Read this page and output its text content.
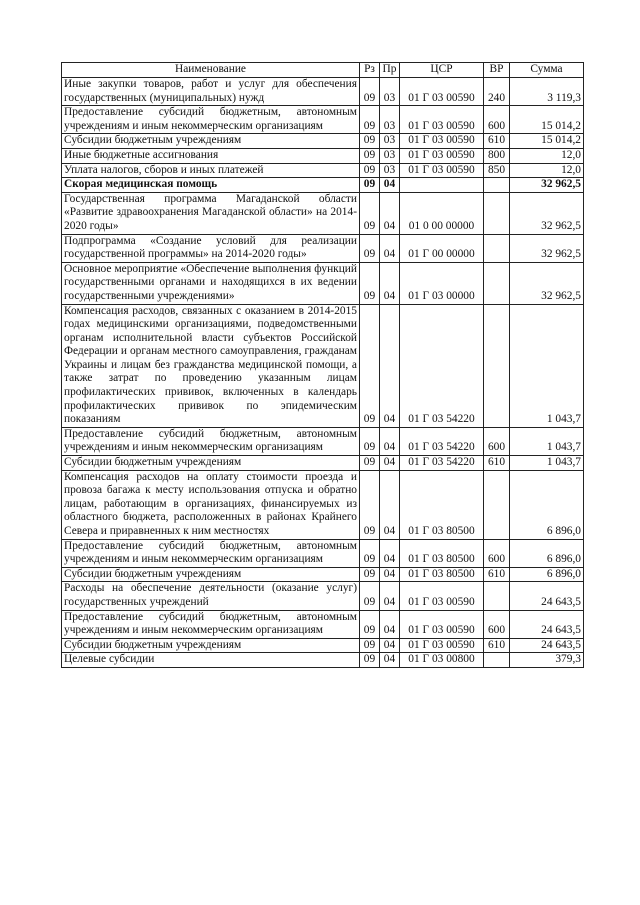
Наименование	Рз	Пр	ЦСР	ВР	Сумма
Иные закупки товаров, работ и услуг для обеспечения государственных (муниципальных) нужд	09	03	01 Г 03 00590	240	3 119,3
Предоставление субсидий бюджетным, автономным учреждениям и иным некоммерческим организациям	09	03	01 Г 03 00590	600	15 014,2
Субсидии бюджетным учреждениям	09	03	01 Г 03 00590	610	15 014,2
Иные бюджетные ассигнования	09	03	01 Г 03 00590	800	12,0
Уплата налогов, сборов и иных платежей	09	03	01 Г 03 00590	850	12,0
Скорая медицинская помощь	09	04			32 962,5
Государственная программа Магаданской области «Развитие здравоохранения Магаданской области» на 2014-2020 годы»	09	04	01 0 00 00000		32 962,5
Подпрограмма «Создание условий для реализации государственной программы» на 2014-2020 годы»	09	04	01 Г 00 00000		32 962,5
Основное мероприятие «Обеспечение выполнения функций государственными органами и находящихся в их ведении государственными учреждениями»	09	04	01 Г 03 00000		32 962,5
Компенсация расходов, связанных с оказанием в 2014-2015 годах медицинскими организациями, подведомственными органам исполнительной власти субъектов Российской Федерации и органам местного самоуправления, гражданам Украины и лицам без гражданства медицинской помощи, а также затрат по проведению указанным лицам профилактических прививок, включенных в календарь профилактических прививок по эпидемическим показаниям	09	04	01 Г 03 54220		1 043,7
Предоставление субсидий бюджетным, автономным учреждениям и иным некоммерческим организациям	09	04	01 Г 03 54220	600	1 043,7
Субсидии бюджетным учреждениям	09	04	01 Г 03 54220	610	1 043,7
Компенсация расходов на оплату стоимости проезда и провоза багажа к месту использования отпуска и обратно лицам, работающим в организациях, финансируемых из областного бюджета, расположенных в районах Крайнего Севера и приравненных к ним местностях	09	04	01 Г 03 80500		6 896,0
Предоставление субсидий бюджетным, автономным учреждениям и иным некоммерческим организациям	09	04	01 Г 03 80500	600	6 896,0
Субсидии бюджетным учреждениям	09	04	01 Г 03 80500	610	6 896,0
Расходы на обеспечение деятельности (оказание услуг) государственных учреждений	09	04	01 Г 03 00590		24 643,5
Предоставление субсидий бюджетным, автономным учреждениям и иным некоммерческим организациям	09	04	01 Г 03 00590	600	24 643,5
Субсидии бюджетным учреждениям	09	04	01 Г 03 00590	610	24 643,5
Целевые субсидии	09	04	01 Г 03 00800		379,3
